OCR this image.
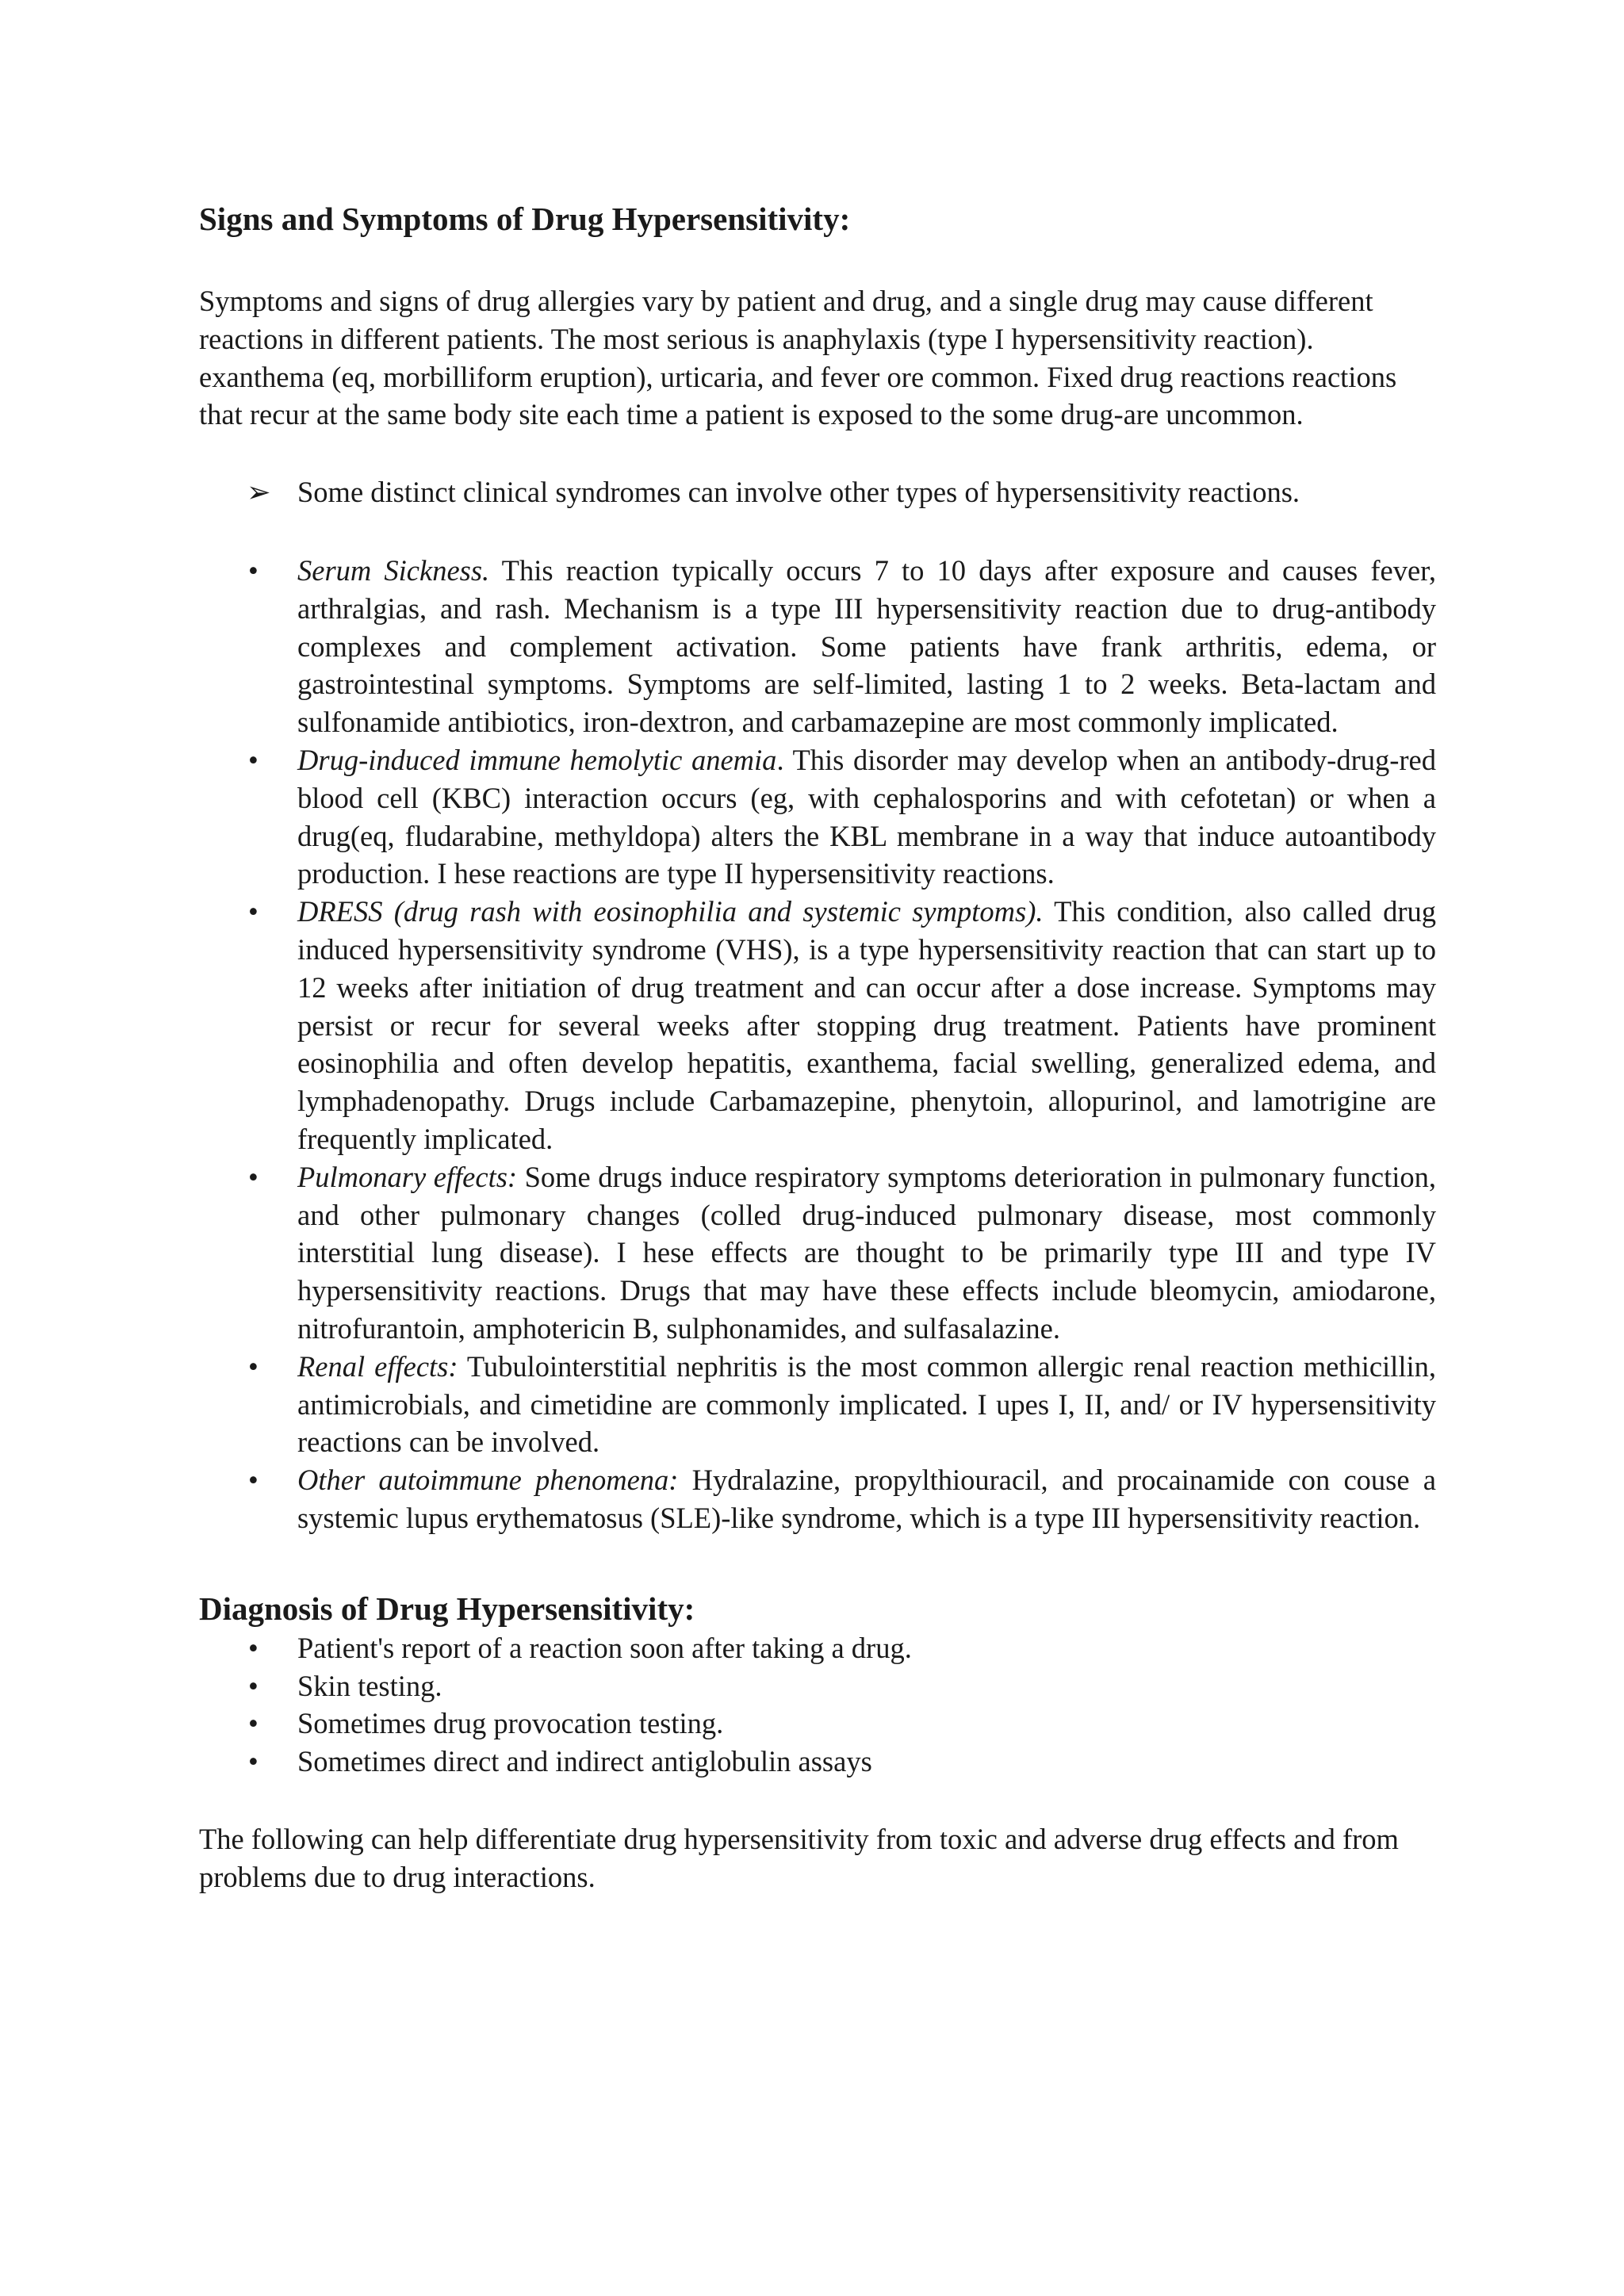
Signs and Symptoms of Drug Hypersensitivity:

Symptoms and signs of drug allergies vary by patient and drug, and a single drug may cause different reactions in different patients. The most serious is anaphylaxis (type I hypersensitivity reaction). exanthema (eq, morbilliform eruption), urticaria, and fever ore common. Fixed drug reactions reactions that recur at the same body site each time a patient is exposed to the some drug-are uncommon.

➢ Some distinct clinical syndromes can involve other types of hypersensitivity reactions.
• Serum Sickness. This reaction typically occurs 7 to 10 days after exposure and causes fever, arthralgias, and rash. Mechanism is a type III hypersensitivity reaction due to drug-antibody complexes and complement activation. Some patients have frank arthritis, edema, or gastrointestinal symptoms. Symptoms are self-limited, lasting 1 to 2 weeks. Beta-lactam and sulfonamide antibiotics, iron-dextron, and carbamazepine are most commonly implicated.
• Drug-induced immune hemolytic anemia. This disorder may develop when an antibody-drug-red blood cell (KBC) interaction occurs (eg, with cephalosporins and with cefotetan) or when a drug(eq, fludarabine, methyldopa) alters the KBL membrane in a way that induce autoantibody production. I hese reactions are type II hypersensitivity reactions.
• DRESS (drug rash with eosinophilia and systemic symptoms). This condition, also called drug induced hypersensitivity syndrome (VHS), is a type hypersensitivity reaction that can start up to 12 weeks after initiation of drug treatment and can occur after a dose increase. Symptoms may persist or recur for several weeks after stopping drug treatment. Patients have prominent eosinophilia and often develop hepatitis, exanthema, facial swelling, generalized edema, and lymphadenopathy. Drugs include Carbamazepine, phenytoin, allopurinol, and lamotrigine are frequently implicated.
• Pulmonary effects: Some drugs induce respiratory symptoms deterioration in pulmonary function, and other pulmonary changes (colled drug-induced pulmonary disease, most commonly interstitial lung disease). I hese effects are thought to be primarily type III and type IV hypersensitivity reactions. Drugs that may have these effects include bleomycin, amiodarone, nitrofurantoin, amphotericin B, sulphonamides, and sulfasalazine.
• Renal effects: Tubulointerstitial nephritis is the most common allergic renal reaction methicillin, antimicrobials, and cimetidine are commonly implicated. I upes I, II, and/ or IV hypersensitivity reactions can be involved.
• Other autoimmune phenomena: Hydralazine, propylthiouracil, and procainamide con couse a systemic lupus erythematosus (SLE)-like syndrome, which is a type III hypersensitivity reaction.
Diagnosis of Drug Hypersensitivity:
• Patient's report of a reaction soon after taking a drug.
• Skin testing.
• Sometimes drug provocation testing.
• Sometimes direct and indirect antiglobulin assays

The following can help differentiate drug hypersensitivity from toxic and adverse drug effects and from problems due to drug interactions.
